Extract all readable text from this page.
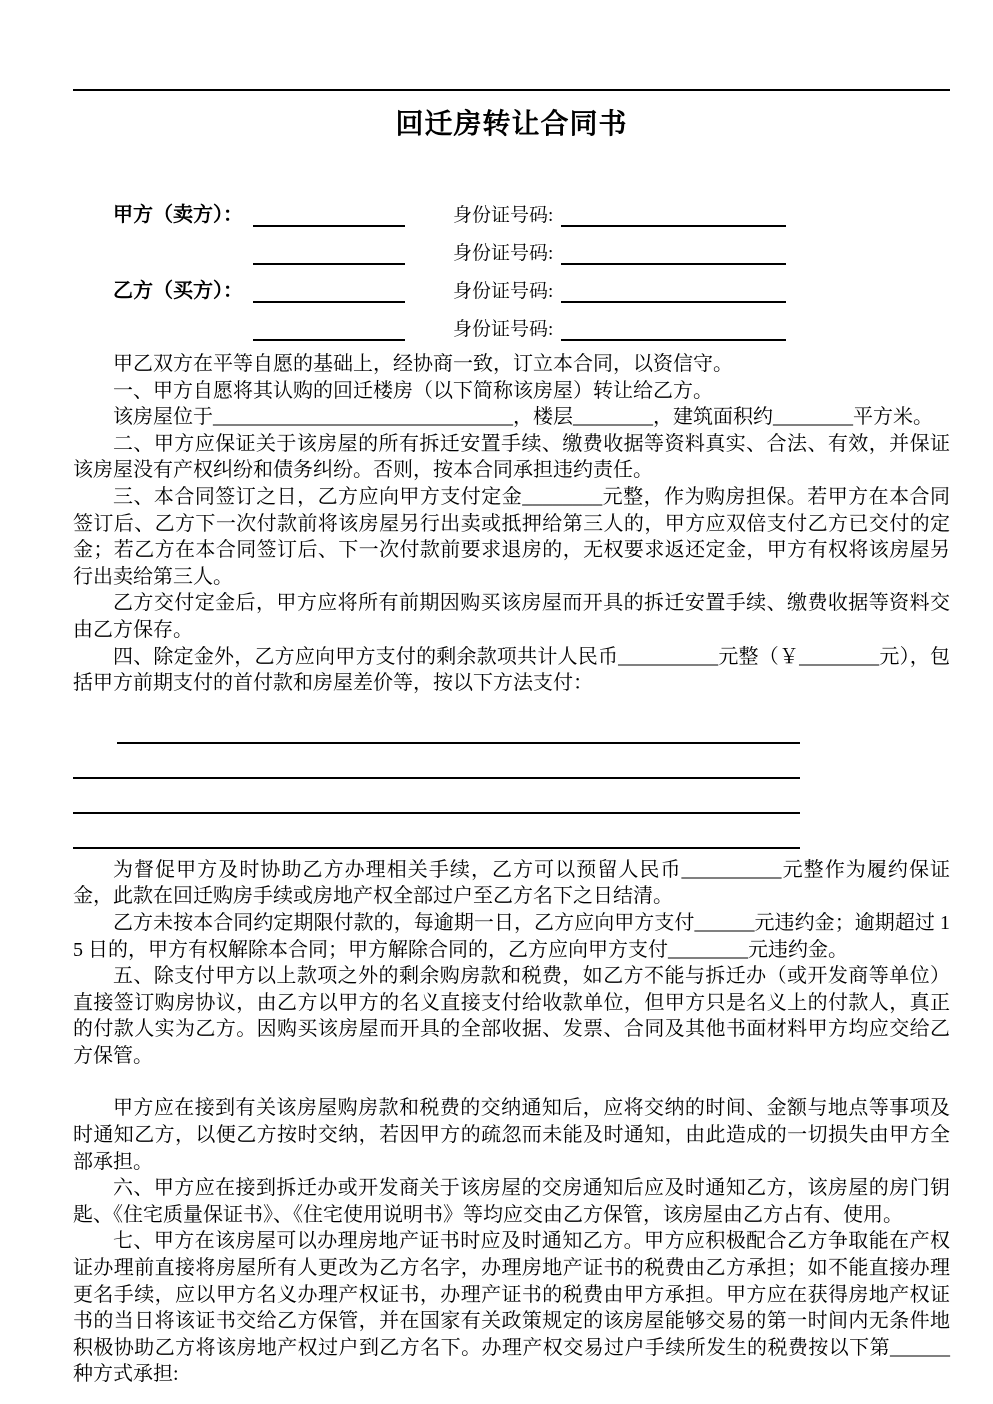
回迁房转让合同书
甲方（卖方）：	身份证号码:
身份证号码:
乙方（买方）：	身份证号码:
身份证号码:

甲乙双方在平等自愿的基础上，经协商一致，订立本合同，以资信守。

一、甲方自愿将其认购的回迁楼房（以下简称该房屋）转让给乙方。

该房屋位于______________________________，楼层________，建筑面积约________平方米。

二、甲方应保证关于该房屋的所有拆迁安置手续、缴费收据等资料真实、合法、有效，并保证该房屋没有产权纠纷和债务纠纷。否则，按本合同承担违约责任。

三、本合同签订之日，乙方应向甲方支付定金________元整，作为购房担保。若甲方在本合同签订后、乙方下一次付款前将该房屋另行出卖或抵押给第三人的，甲方应双倍支付乙方已交付的定金；若乙方在本合同签订后、下一次付款前要求退房的，无权要求返还定金，甲方有权将该房屋另行出卖给第三人。

乙方交付定金后，甲方应将所有前期因购买该房屋而开具的拆迁安置手续、缴费收据等资料交由乙方保存。

四、除定金外，乙方应向甲方支付的剩余款项共计人民币__________元整（￥________元），包括甲方前期支付的首付款和房屋差价等，按以下方法支付：

为督促甲方及时协助乙方办理相关手续，乙方可以预留人民币__________元整作为履约保证金，此款在回迁购房手续或房地产权全部过户至乙方名下之日结清。

乙方未按本合同约定期限付款的，每逾期一日，乙方应向甲方支付______元违约金；逾期超过 15 日的，甲方有权解除本合同；甲方解除合同的，乙方应向甲方支付________元违约金。

五、除支付甲方以上款项之外的剩余购房款和税费，如乙方不能与拆迁办（或开发商等单位）直接签订购房协议，由乙方以甲方的名义直接支付给收款单位，但甲方只是名义上的付款人，真正的付款人实为乙方。因购买该房屋而开具的全部收据、发票、合同及其他书面材料甲方均应交给乙方保管。

甲方应在接到有关该房屋购房款和税费的交纳通知后，应将交纳的时间、金额与地点等事项及时通知乙方，以便乙方按时交纳，若因甲方的疏忽而未能及时通知，由此造成的一切损失由甲方全部承担。

六、甲方应在接到拆迁办或开发商关于该房屋的交房通知后应及时通知乙方，该房屋的房门钥匙、《住宅质量保证书》、《住宅使用说明书》等均应交由乙方保管，该房屋由乙方占有、使用。

七、甲方在该房屋可以办理房地产证书时应及时通知乙方。甲方应积极配合乙方争取能在产权证办理前直接将房屋所有人更改为乙方名字，办理房地产证书的税费由乙方承担；如不能直接办理更名手续，应以甲方名义办理产权证书，办理产证书的税费由甲方承担。甲方应在获得房地产权证书的当日将该证书交给乙方保管，并在国家有关政策规定的该房屋能够交易的第一时间内无条件地积极协助乙方将该房地产权过户到乙方名下。办理产权交易过户手续所发生的税费按以下第______种方式承担:
